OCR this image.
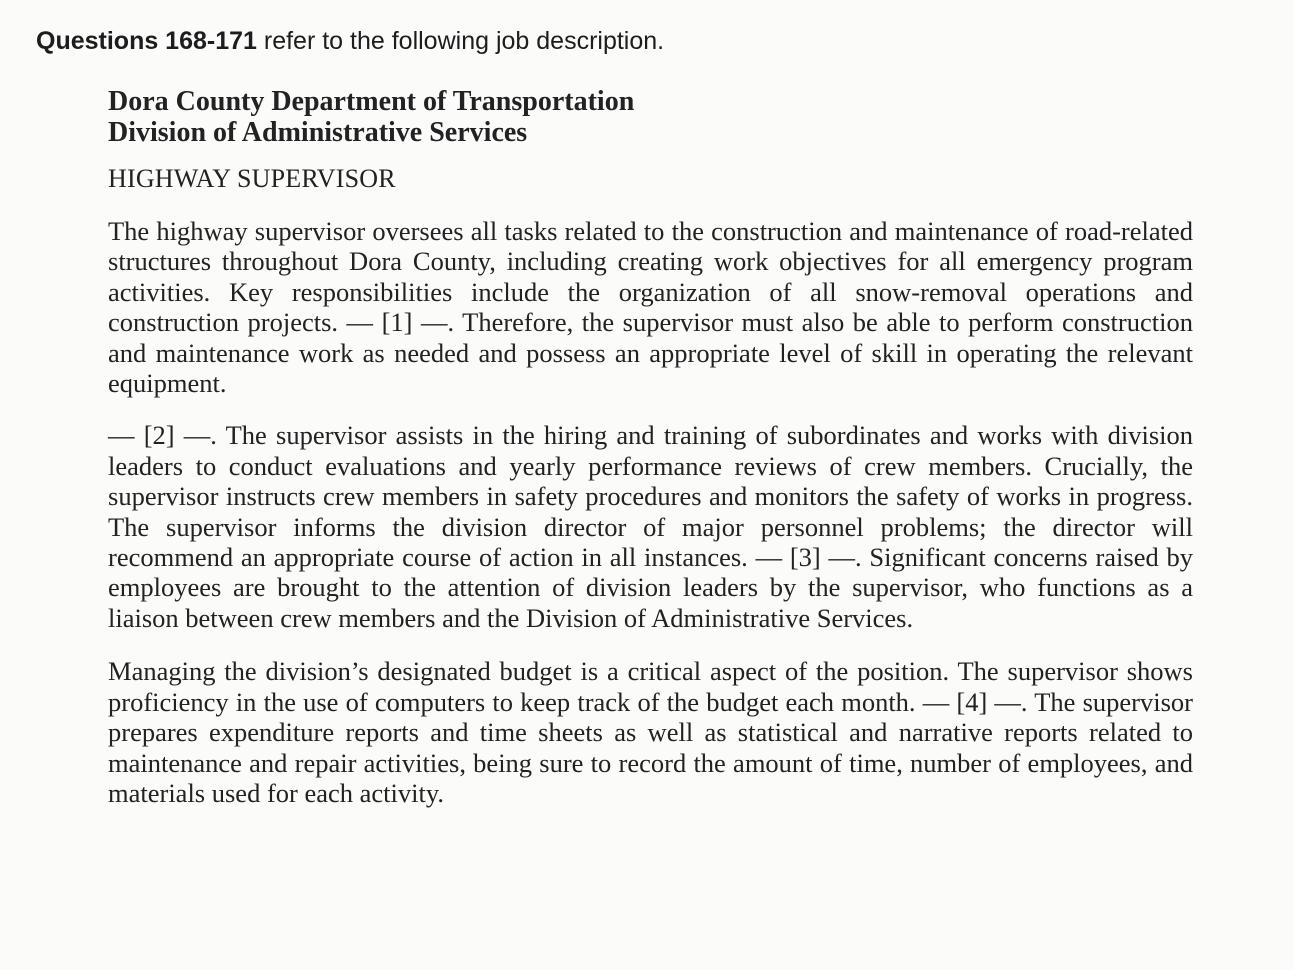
Questions 168-171 refer to the following job description.
Dora County Department of Transportation
Division of Administrative Services
HIGHWAY SUPERVISOR

The highway supervisor oversees all tasks related to the construction and maintenance of road-related structures throughout Dora County, including creating work objectives for all emergency program activities. Key responsibilities include the organization of all snow-removal operations and construction projects. — [1] —. Therefore, the supervisor must also be able to perform construction and maintenance work as needed and possess an appropriate level of skill in operating the relevant equipment.

— [2] —. The supervisor assists in the hiring and training of subordinates and works with division leaders to conduct evaluations and yearly performance reviews of crew members. Crucially, the supervisor instructs crew members in safety procedures and monitors the safety of works in progress. The supervisor informs the division director of major personnel problems; the director will recommend an appropriate course of action in all instances. — [3] —. Significant concerns raised by employees are brought to the attention of division leaders by the supervisor, who functions as a liaison between crew members and the Division of Administrative Services.

Managing the division’s designated budget is a critical aspect of the position. The supervisor shows proficiency in the use of computers to keep track of the budget each month. — [4] —. The supervisor prepares expenditure reports and time sheets as well as statistical and narrative reports related to maintenance and repair activities, being sure to record the amount of time, number of employees, and materials used for each activity.
